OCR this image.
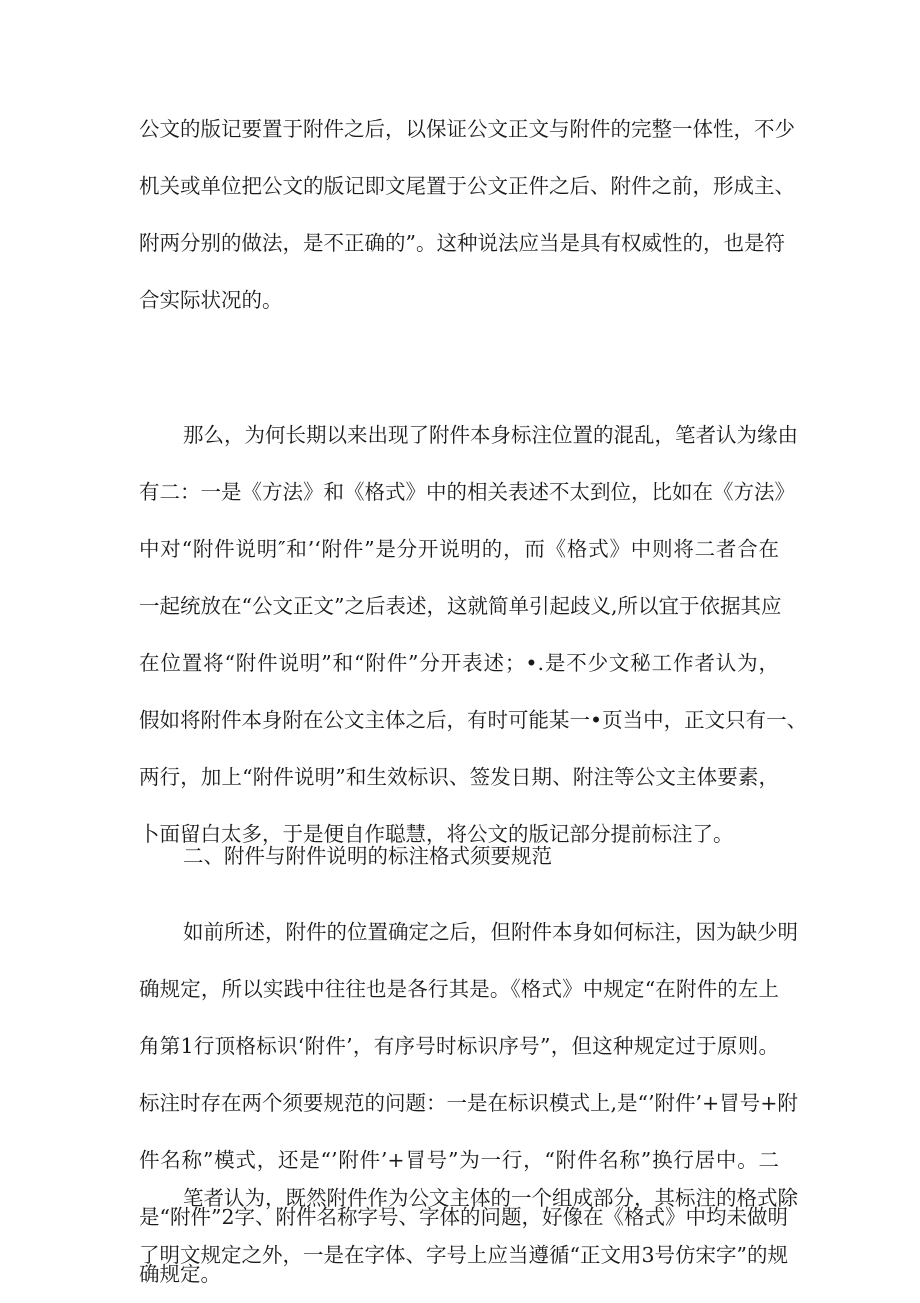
公文的版记要置于附件之后，以保证公文正文与附件的完整一体性，不少
机关或单位把公文的版记即文尾置于公文正件之后、附件之前，形成主、
附两分别的做法，是不正确的”。这种说法应当是具有权威性的，也是符
合实际状况的。
那么，为何长期以来出现了附件本身标注位置的混乱，笔者认为缘由
有二：一是《方法》和《格式》中的相关表述不太到位，比如在《方法》
中对“附件说明″和’‘附件”是分开说明的，而《格式》中则将二者合在
一起统放在“公文正文”之后表述，这就简单引起歧义,所以宜于依据其应
在位置将“附件说明”和“附件”分开表述；•.是不少文秘工作者认为，
假如将附件本身附在公文主体之后，有时可能某一•页当中，正文只有一、
两行，加上“附件说明”和生效标识、签发日期、附注等公文主体要素，
卜面留白太多，于是便自作聪慧，将公文的版记部分提前标注了。
二、附件与附件说明的标注格式须要规范
如前所述，附件的位置确定之后，但附件本身如何标注，因为缺少明
确规定，所以实践中往往也是各行其是。《格式》中规定“在附件的左上
角第1行顶格标识‘附件’，有序号时标识序号”，但这种规定过于原则。
标注时存在两个须要规范的问题：一是在标识模式上,是“’附件’+冒号+附
件名称”模式，还是“’附件’+冒号”为一行，“附件名称”换行居中。二
是“附件”2字、附件名称字号、字体的问题，好像在《格式》中均未做明
确规定。
笔者认为，既然附件作为公文主体的一个组成部分，其标注的格式除
了明文规定之外，一是在字体、字号上应当遵循“正文用3号仿宋字”的规
